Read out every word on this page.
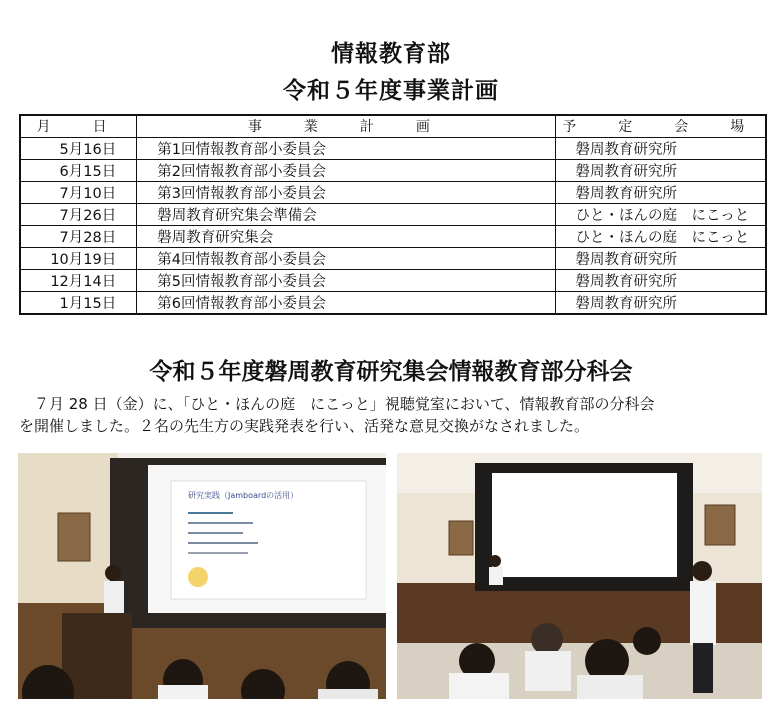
情報教育部
令和５年度事業計画
月　日	事　業　計　画	予　定　会　場
5月16日	第1回情報教育部小委員会	磐周教育研究所
6月15日	第2回情報教育部小委員会	磐周教育研究所
7月10日	第3回情報教育部小委員会	磐周教育研究所
7月26日	磐周教育研究集会準備会	ひと・ほんの庭　にこっと
7月28日	磐周教育研究集会	ひと・ほんの庭　にこっと
10月19日	第4回情報教育部小委員会	磐周教育研究所
12月14日	第5回情報教育部小委員会	磐周教育研究所
1月15日	第6回情報教育部小委員会	磐周教育研究所
令和５年度磐周教育研究集会情報教育部分科会
　７月 28 日（金）に、「ひと・ほんの庭　にこっと」視聴覚室において、情報教育部の分科会
を開催しました。２名の先生方の実践発表を行い、活発な意見交換がなされました。
研究実践（Jamboardの活用）
